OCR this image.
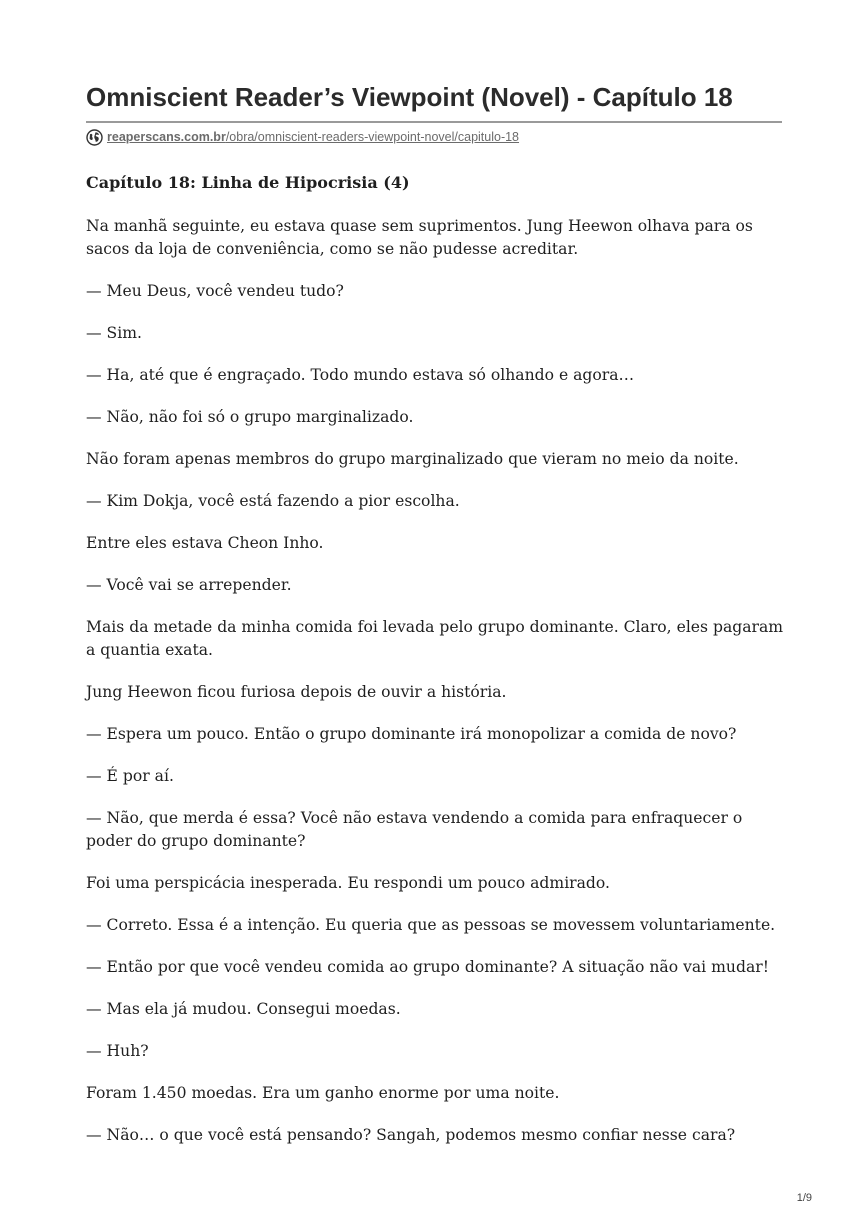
Omniscient Reader’s Viewpoint (Novel) - Capítulo 18
reaperscans.com.br/obra/omniscient-readers-viewpoint-novel/capitulo-18

Capítulo 18: Linha de Hipocrisia (4)

Na manhã seguinte, eu estava quase sem suprimentos. Jung Heewon olhava para os sacos da loja de conveniência, como se não pudesse acreditar.

— Meu Deus, você vendeu tudo?

— Sim.

— Ha, até que é engraçado. Todo mundo estava só olhando e agora…

— Não, não foi só o grupo marginalizado.

Não foram apenas membros do grupo marginalizado que vieram no meio da noite.

— Kim Dokja, você está fazendo a pior escolha.

Entre eles estava Cheon Inho.

— Você vai se arrepender.

Mais da metade da minha comida foi levada pelo grupo dominante. Claro, eles pagaram a quantia exata.

Jung Heewon ficou furiosa depois de ouvir a história.

— Espera um pouco. Então o grupo dominante irá monopolizar a comida de novo?

— É por aí.

— Não, que merda é essa? Você não estava vendendo a comida para enfraquecer o poder do grupo dominante?

Foi uma perspicácia inesperada. Eu respondi um pouco admirado.

— Correto. Essa é a intenção. Eu queria que as pessoas se movessem voluntariamente.

— Então por que você vendeu comida ao grupo dominante? A situação não vai mudar!

— Mas ela já mudou. Consegui moedas.

— Huh?

Foram 1.450 moedas. Era um ganho enorme por uma noite.

— Não… o que você está pensando? Sangah, podemos mesmo confiar nesse cara?

1/9
